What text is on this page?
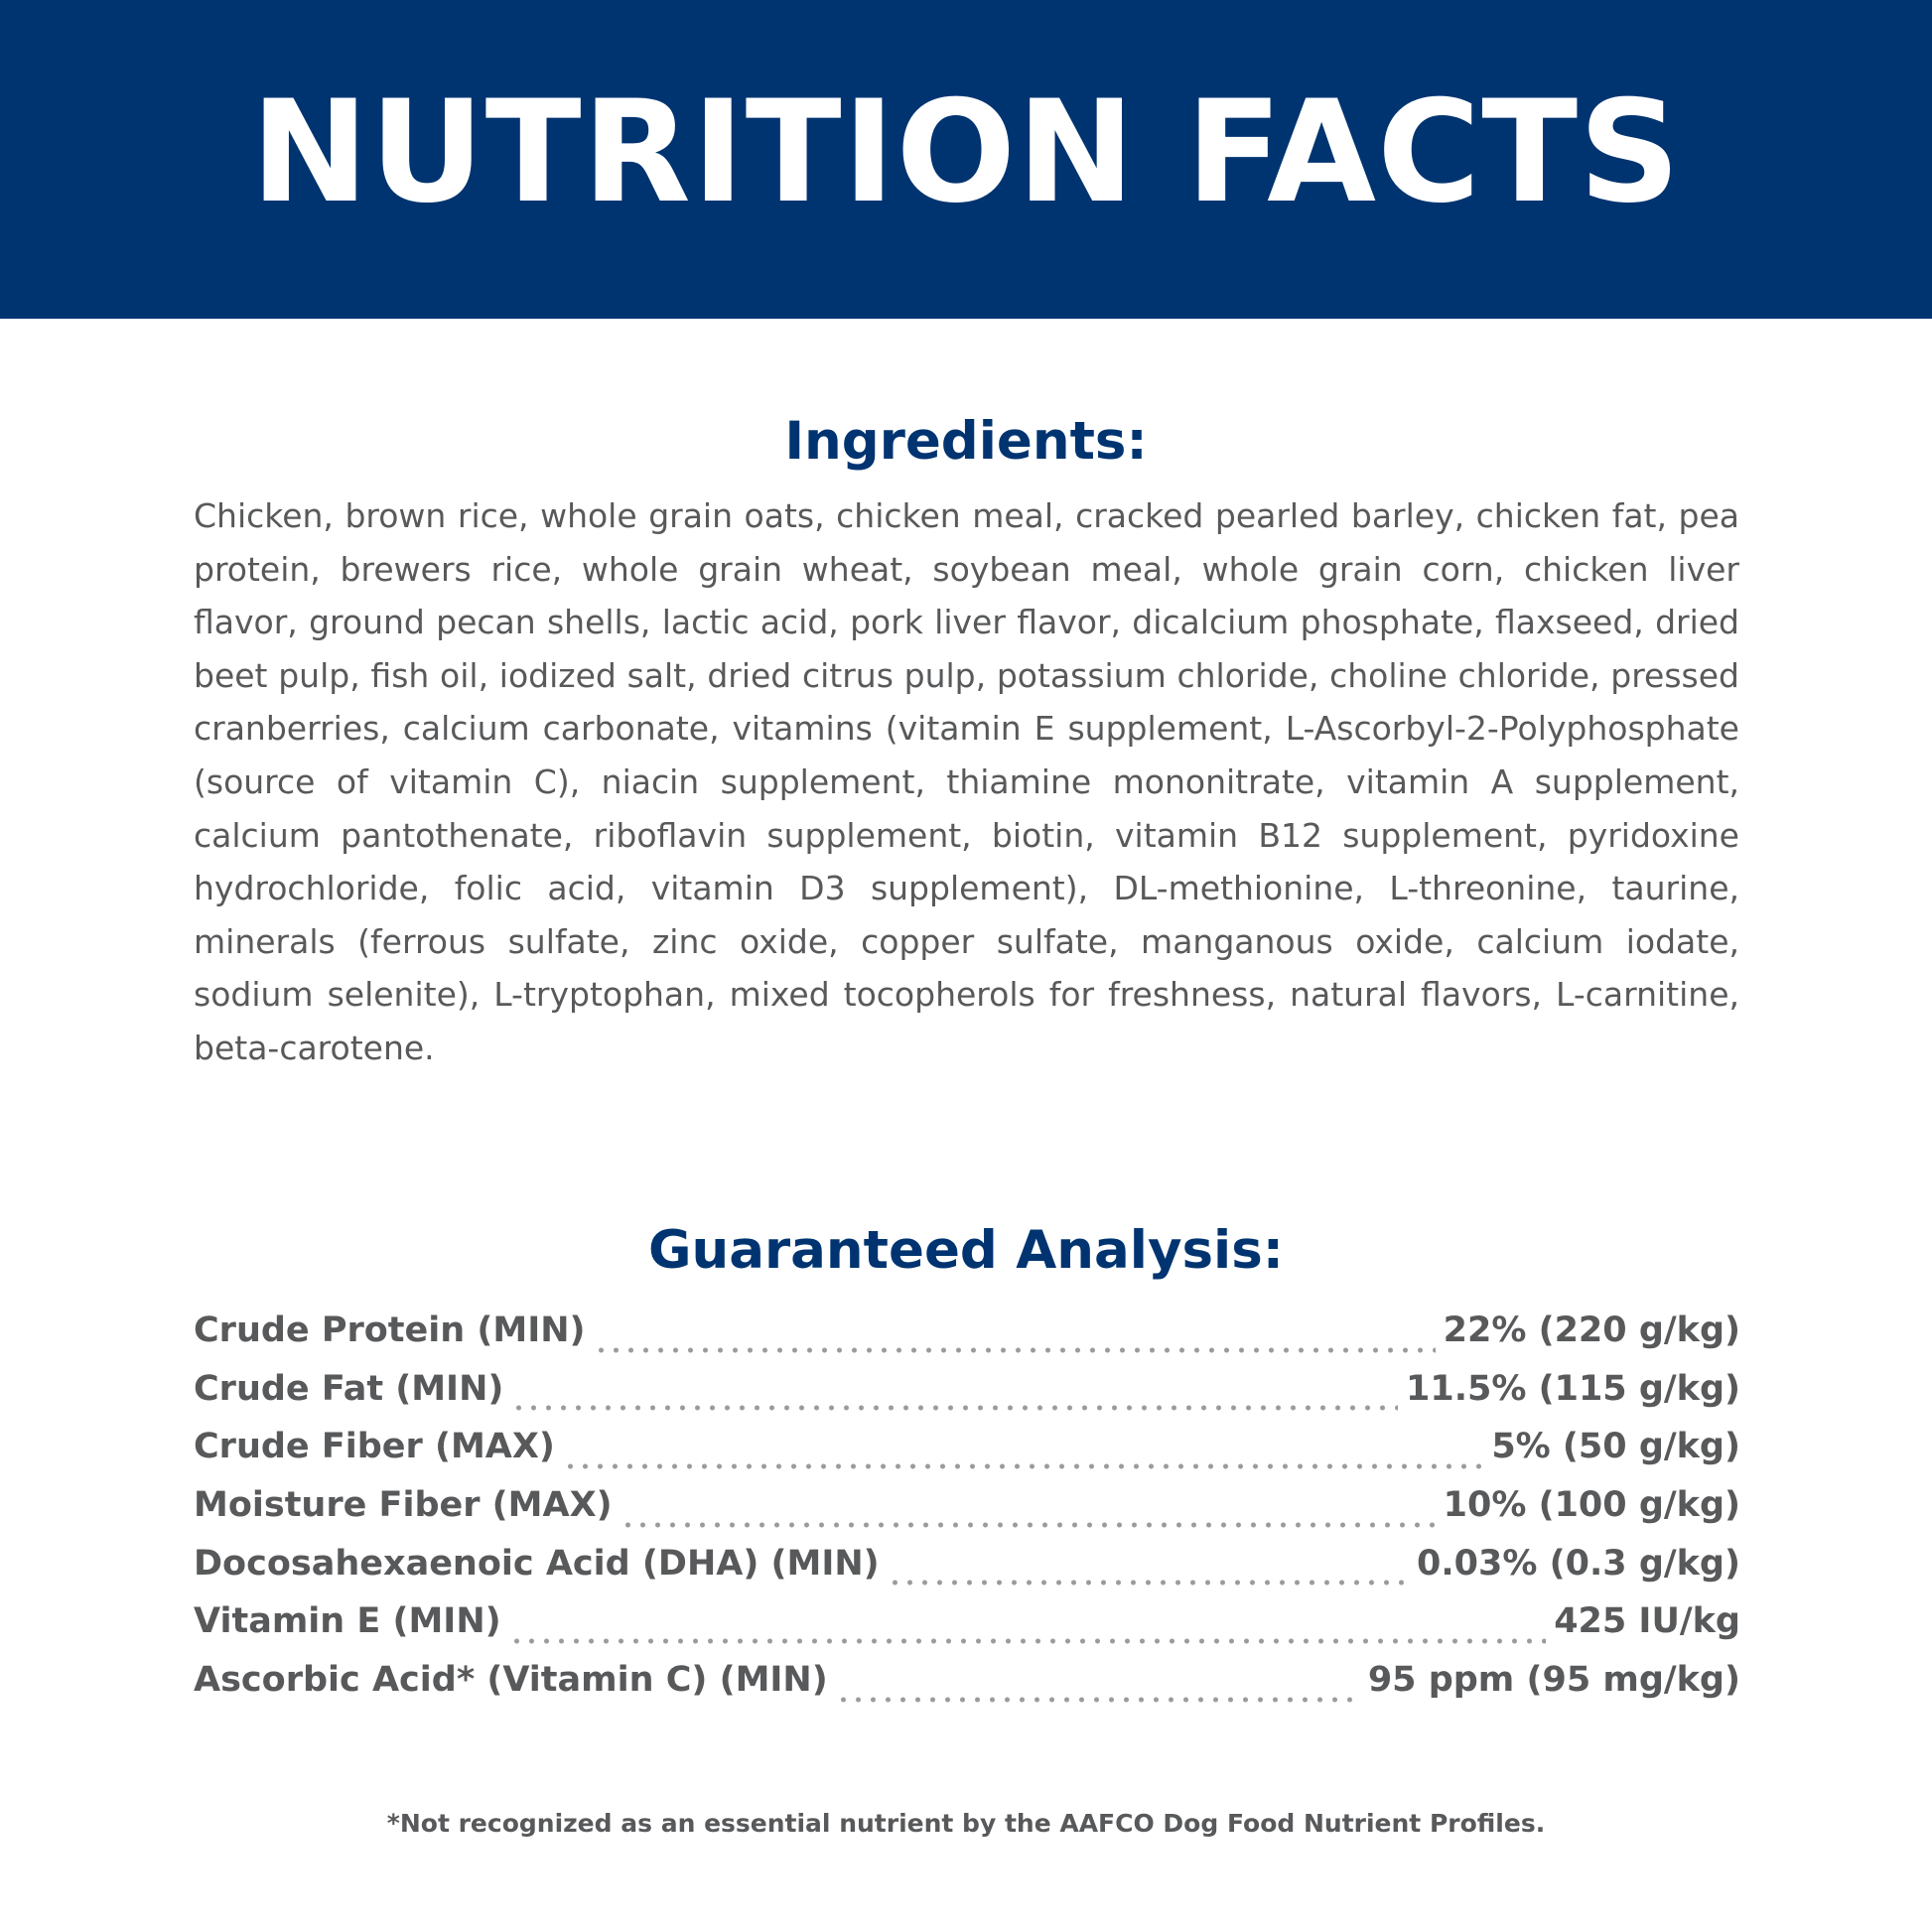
NUTRITION FACTS
Ingredients:

Chicken, brown rice, whole grain oats, chicken meal, cracked pearled barley, chicken fat, pea protein, brewers rice, whole grain wheat, soybean meal, whole grain corn, chicken liver flavor, ground pecan shells, lactic acid, pork liver flavor, dicalcium phosphate, flaxseed, dried beet pulp, fish oil, iodized salt, dried citrus pulp, potassium chloride, choline chloride, pressed cranberries, calcium carbonate, vitamins (vitamin E supplement, L-Ascorbyl-2-Polyphosphate (source of vitamin C), niacin supplement, thiamine mononitrate, vitamin A supplement, calcium pantothenate, riboflavin supplement, biotin, vitamin B12 supplement, pyridoxine hydrochloride, folic acid, vitamin D3 supplement), DL-methionine, L-threonine, taurine, minerals (ferrous sulfate, zinc oxide, copper sulfate, manganous oxide, calcium iodate, sodium selenite), L-tryptophan, mixed tocopherols for freshness, natural flavors, L-carnitine, beta-carotene.

Guaranteed Analysis:
Crude Protein (MIN)	22% (220 g/kg)
Crude Fat (MIN)	11.5% (115 g/kg)
Crude Fiber (MAX)	5% (50 g/kg)
Moisture Fiber (MAX)	10% (100 g/kg)
Docosahexaenoic Acid (DHA) (MIN)	0.03% (0.3 g/kg)
Vitamin E (MIN)	425 IU/kg
Ascorbic Acid* (Vitamin C) (MIN)	95 ppm (95 mg/kg)
*Not recognized as an essential nutrient by the AAFCO Dog Food Nutrient Profiles.
